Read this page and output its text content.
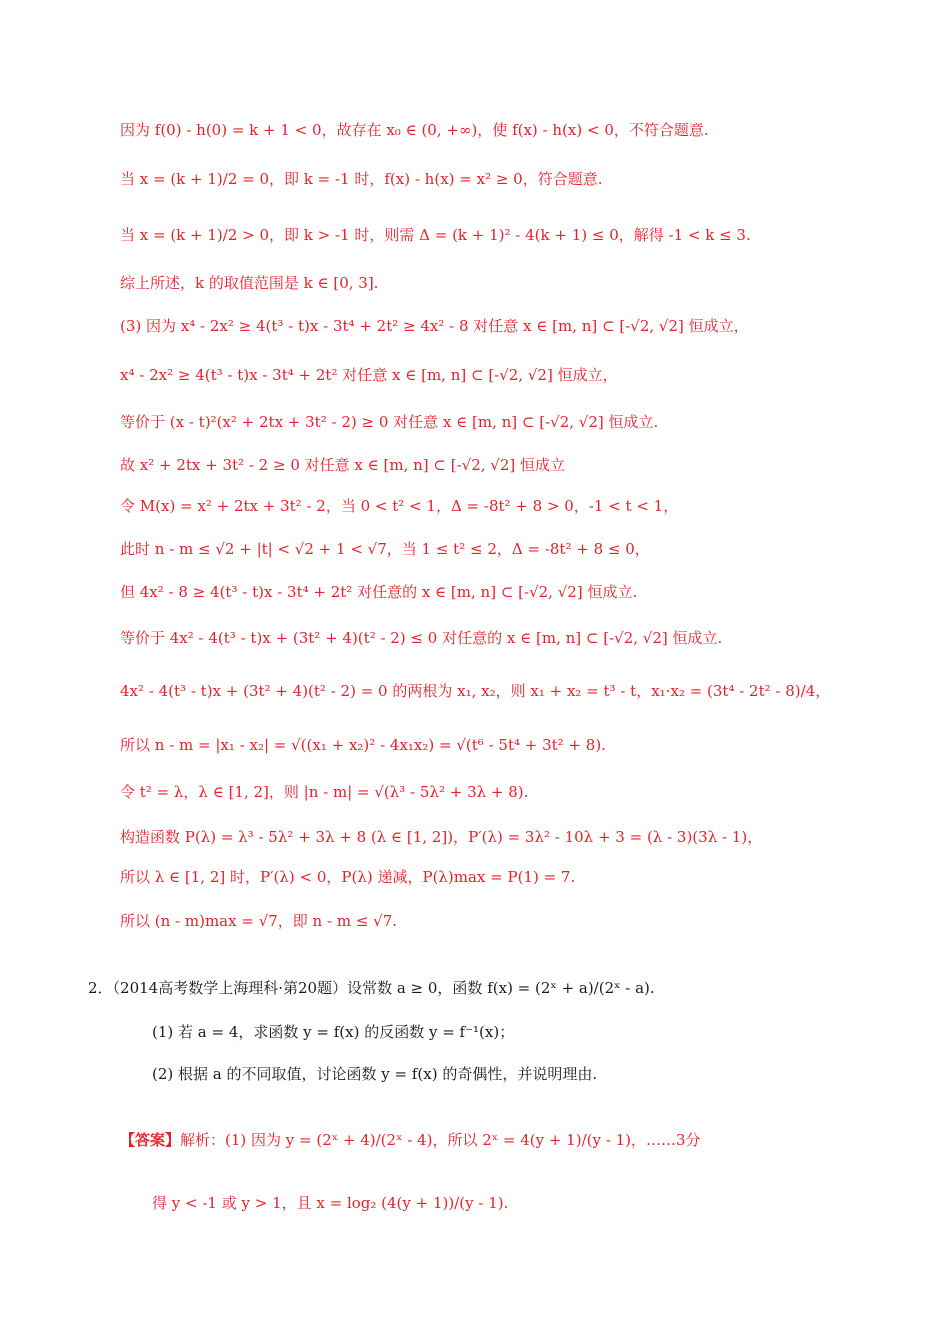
因为 f(0) - h(0) = k + 1 < 0，故存在 x₀ ∈ (0, +∞)，使 f(x) - h(x) < 0，不符合题意.
当 x = (k + 1)/2 = 0，即 k = -1 时，f(x) - h(x) = x² ≥ 0，符合题意.
当 x = (k + 1)/2 > 0，即 k > -1 时，则需 Δ = (k + 1)² - 4(k + 1) ≤ 0，解得 -1 < k ≤ 3.
综上所述，k 的取值范围是 k ∈ [0, 3].
(3) 因为 x⁴ - 2x² ≥ 4(t³ - t)x - 3t⁴ + 2t² ≥ 4x² - 8 对任意 x ∈ [m, n] ⊂ [-√2, √2] 恒成立，
x⁴ - 2x² ≥ 4(t³ - t)x - 3t⁴ + 2t² 对任意 x ∈ [m, n] ⊂ [-√2, √2] 恒成立，
等价于 (x - t)²(x² + 2tx + 3t² - 2) ≥ 0 对任意 x ∈ [m, n] ⊂ [-√2, √2] 恒成立.
故 x² + 2tx + 3t² - 2 ≥ 0 对任意 x ∈ [m, n] ⊂ [-√2, √2] 恒成立
令 M(x) = x² + 2tx + 3t² - 2，当 0 < t² < 1，Δ = -8t² + 8 > 0，-1 < t < 1，
此时 n - m ≤ √2 + |t| < √2 + 1 < √7，当 1 ≤ t² ≤ 2，Δ = -8t² + 8 ≤ 0，
但 4x² - 8 ≥ 4(t³ - t)x - 3t⁴ + 2t² 对任意的 x ∈ [m, n] ⊂ [-√2, √2] 恒成立.
等价于 4x² - 4(t³ - t)x + (3t² + 4)(t² - 2) ≤ 0 对任意的 x ∈ [m, n] ⊂ [-√2, √2] 恒成立.
4x² - 4(t³ - t)x + (3t² + 4)(t² - 2) = 0 的两根为 x₁, x₂，则 x₁ + x₂ = t³ - t，x₁·x₂ = (3t⁴ - 2t² - 8)/4，
所以 n - m = |x₁ - x₂| = √((x₁ + x₂)² - 4x₁x₂) = √(t⁶ - 5t⁴ + 3t² + 8).
令 t² = λ，λ ∈ [1, 2]，则 |n - m| = √(λ³ - 5λ² + 3λ + 8).
构造函数 P(λ) = λ³ - 5λ² + 3λ + 8 (λ ∈ [1, 2])，P′(λ) = 3λ² - 10λ + 3 = (λ - 3)(3λ - 1)，
所以 λ ∈ [1, 2] 时，P′(λ) < 0，P(λ) 递减，P(λ)max = P(1) = 7.
所以 (n - m)max = √7，即 n - m ≤ √7.
2．（2014高考数学上海理科·第20题）设常数 a ≥ 0，函数 f(x) = (2ˣ + a)/(2ˣ - a).
(1) 若 a = 4，求函数 y = f(x) 的反函数 y = f⁻¹(x)；
(2) 根据 a 的不同取值，讨论函数 y = f(x) 的奇偶性，并说明理由.
【答案】解析：(1) 因为 y = (2ˣ + 4)/(2ˣ - 4)，所以 2ˣ = 4(y + 1)/(y - 1)，……3分
得 y < -1 或 y > 1，且 x = log₂ (4(y + 1))/(y - 1).
